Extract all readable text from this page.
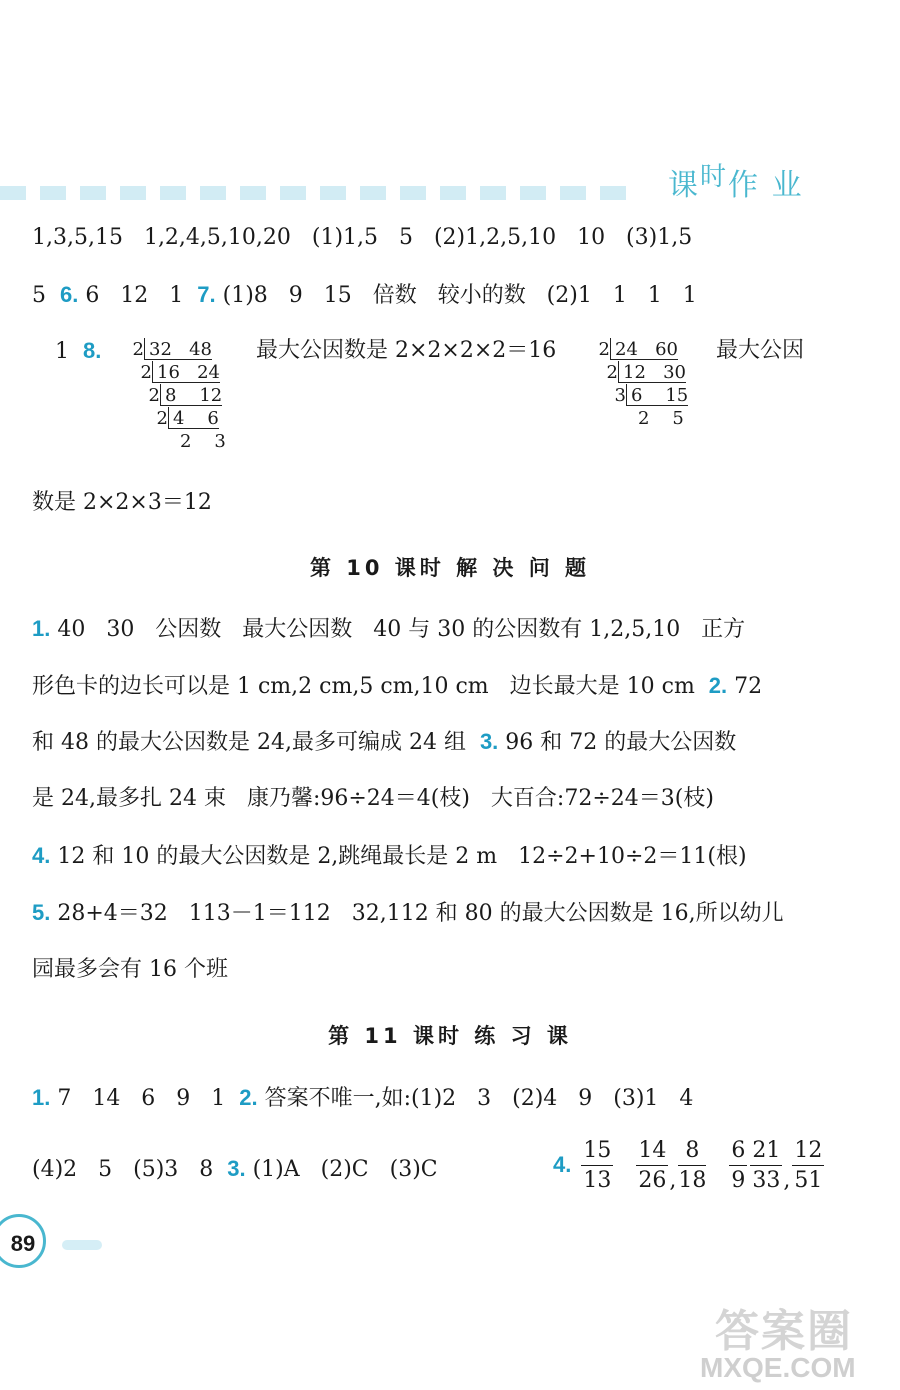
课时作 业
1,3,5,15   1,2,4,5,10,20   (1)1,5   5   (2)1,2,5,10   10   (3)1,5
5  6. 6   12   1  7. (1)8   9   15   倍数   较小的数   (2)1   1   1   1
1  8. 2 32   48
2 16   24
2 8    12
2 4    6
2    3
最大公因数是 2×2×2×2＝16 2 24   60
2 12   30
3 6    15
2    5
最大公因
数是 2×2×3＝12
第 10 课时 解 决 问 题
1. 40   30   公因数   最大公因数   40 与 30 的公因数有 1,2,5,10   正方
形色卡的边长可以是 1 cm,2 cm,5 cm,10 cm   边长最大是 10 cm  2. 72
和 48 的最大公因数是 24,最多可编成 24 组  3. 96 和 72 的最大公因数
是 24,最多扎 24 束   康乃馨:96÷24＝4(枝)   大百合:72÷24＝3(枝)
4. 12 和 10 的最大公因数是 2,跳绳最长是 2 m   12÷2+10÷2＝11(根)
5. 28+4＝32   113－1＝112   32,112 和 80 的最大公因数是 16,所以幼儿
园最多会有 16 个班
第 11 课时 练 习 课
1. 7   14   6   9   1  2. 答案不唯一,如:(1)2   3   (2)4   9   (3)1   4
(4)2   5   (5)3   8  3. (1)A   (2)C   (3)C	4. $\frac{15}{13} \frac{14}{26}$ , $\frac{8}{18} \frac{6}{9} \frac{21}{33}$ , $\frac{12}{51}$
89
答案圈
MXQE.COM
